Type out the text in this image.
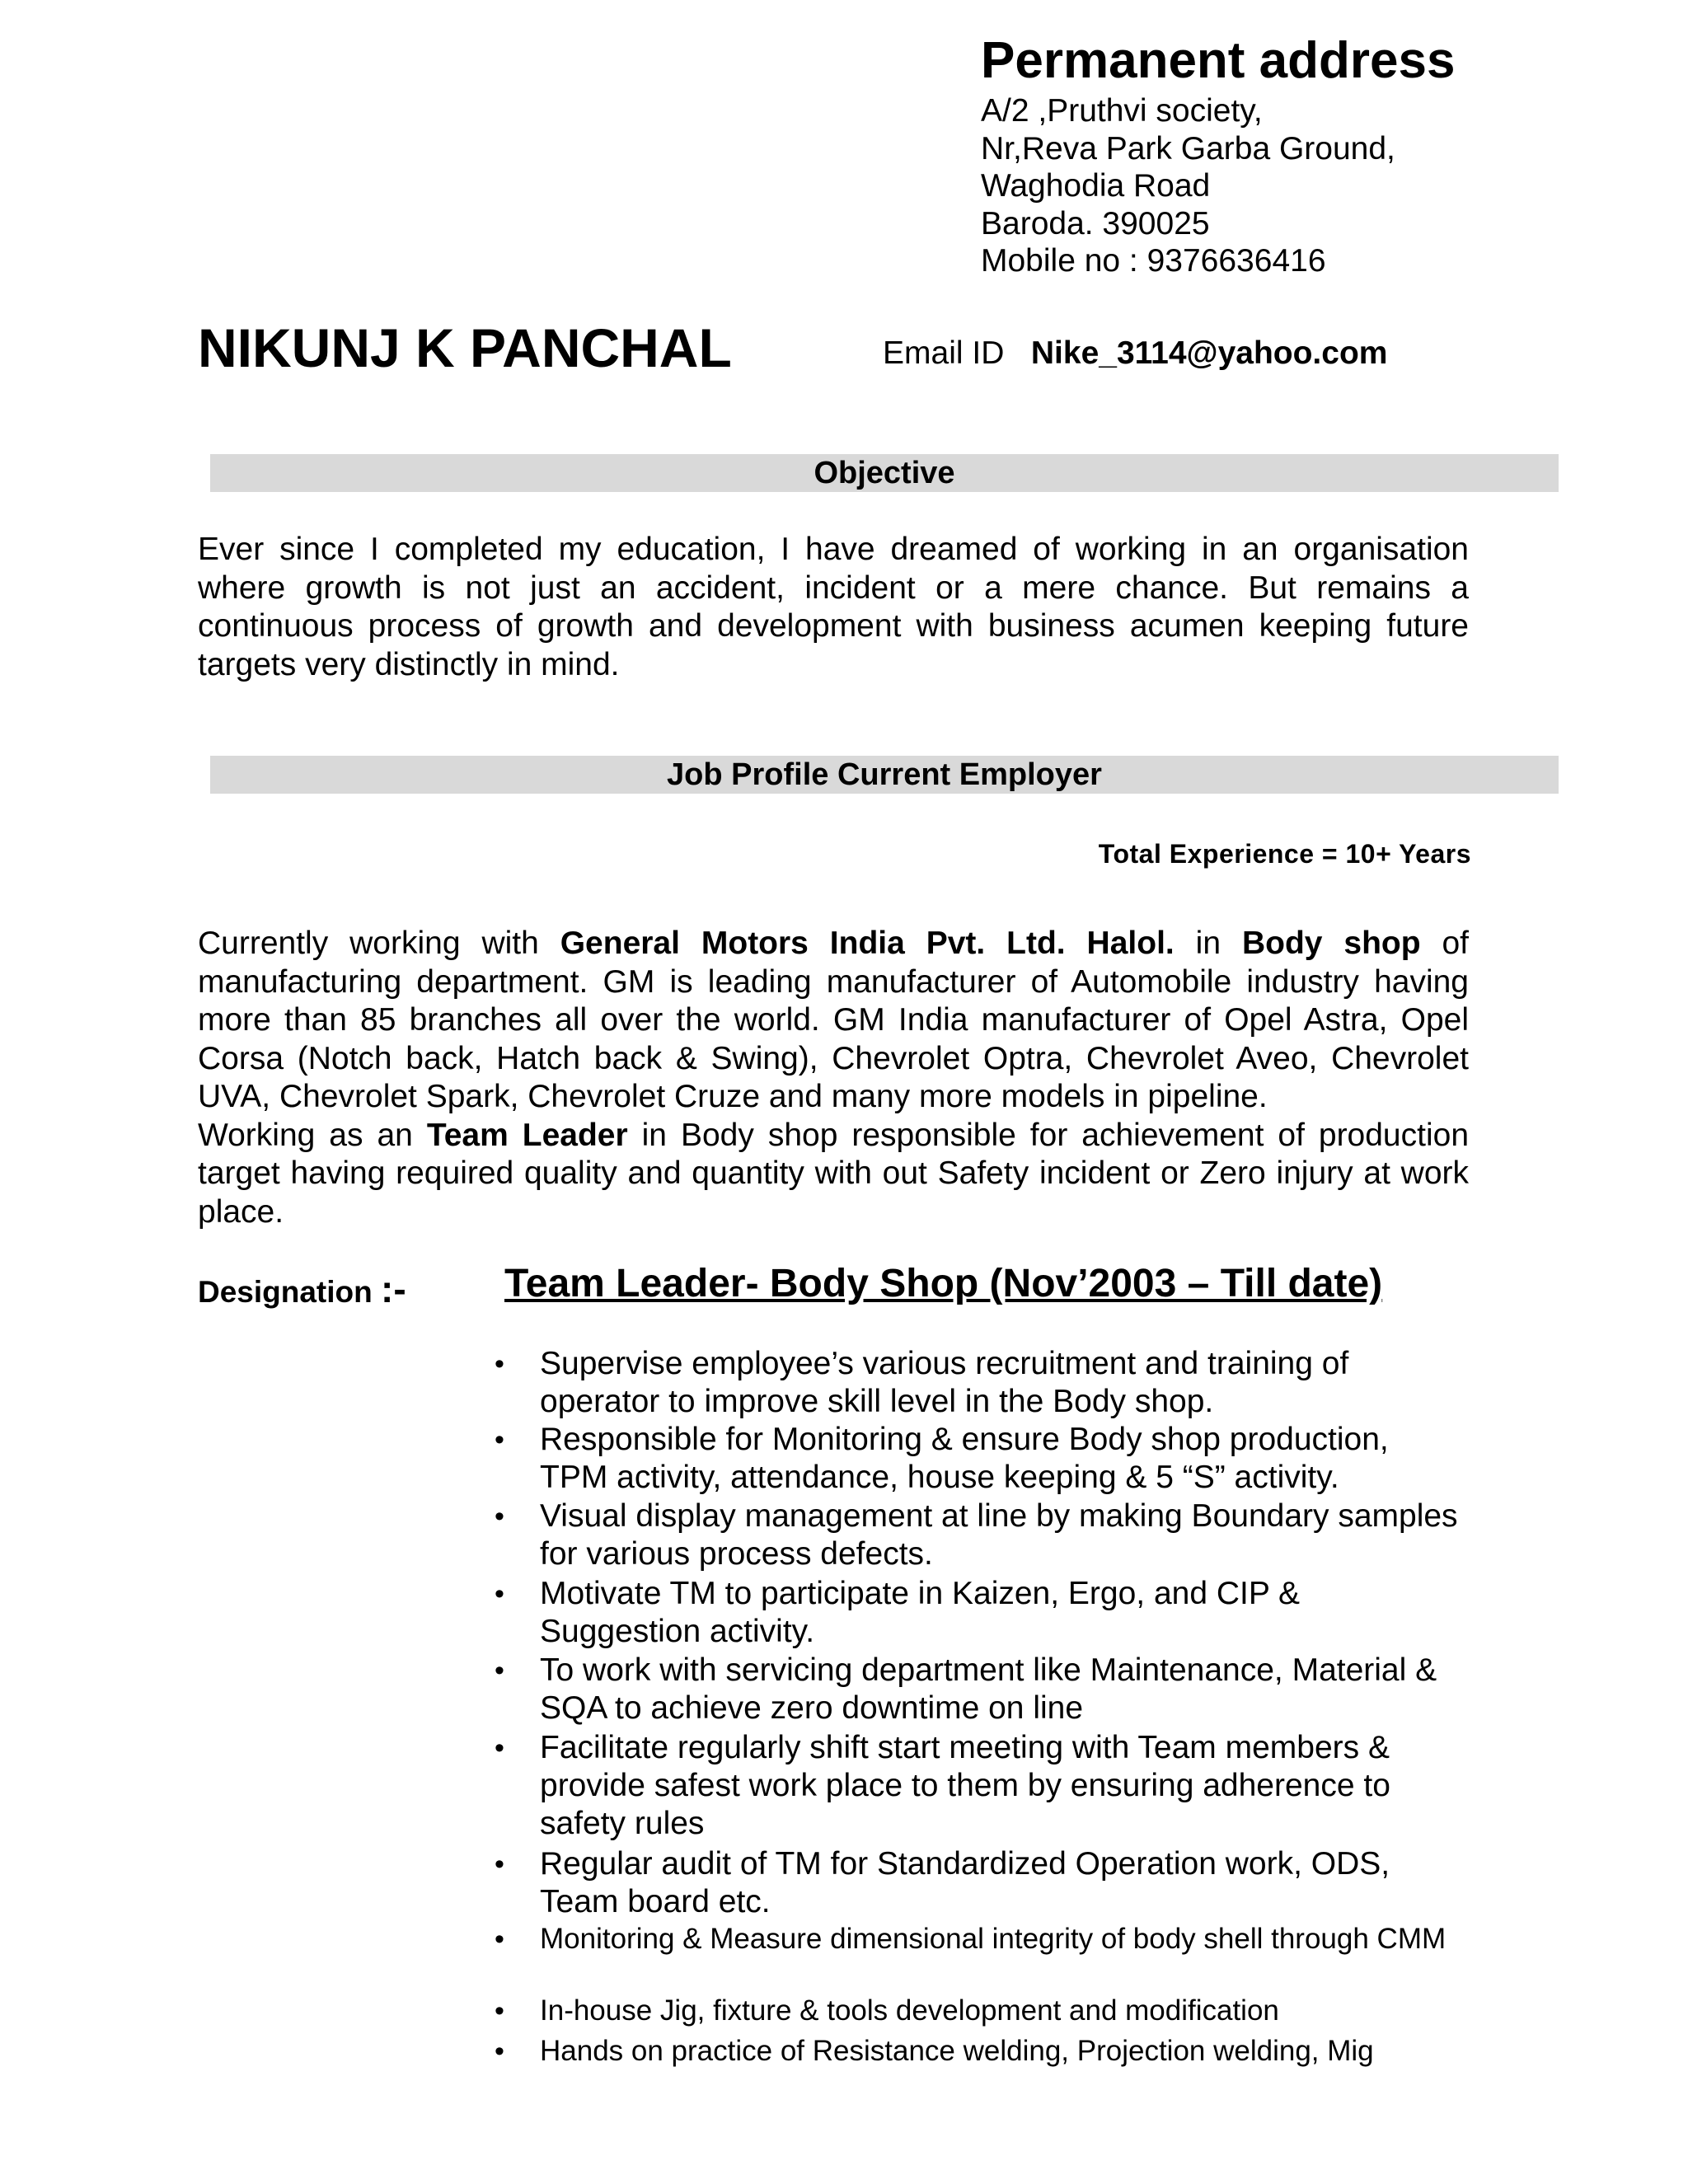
Permanent address
A/2 ,Pruthvi society,
Nr,Reva Park Garba Ground,
Waghodia Road
Baroda. 390025
Mobile no : 9376636416
NIKUNJ K PANCHAL	Email ID Nike_3114@yahoo.com
Objective
Ever since I completed my education, I have dreamed of working in an organisation where growth is not just an accident, incident or a mere chance. But remains a continuous process of growth and development with business acumen keeping future targets very distinctly in mind.
Job Profile Current Employer
Total Experience = 10+ Years
Currently working with General Motors India Pvt. Ltd. Halol. in Body shop of manufacturing department. GM is leading manufacturer of Automobile industry having more than 85 branches all over the world. GM India manufacturer of Opel Astra, Opel Corsa (Notch back, Hatch back & Swing), Chevrolet Optra, Chevrolet Aveo, Chevrolet UVA, Chevrolet Spark, Chevrolet Cruze and many more models in pipeline.
Working as an Team Leader in Body shop responsible for achievement of production target having required quality and quantity with out Safety incident or Zero injury at work place.
Designation :- Team Leader- Body Shop (Nov’2003 – Till date)
• Supervise employee’s various recruitment and training of operator to improve skill level in the Body shop.
• Responsible for Monitoring & ensure Body shop production, TPM activity, attendance, house keeping & 5 “S” activity.
• Visual display management at line by making Boundary samples for various process defects.
• Motivate TM to participate in Kaizen, Ergo, and CIP & Suggestion activity.
• To work with servicing department like Maintenance, Material & SQA to achieve zero downtime on line
• Facilitate regularly shift start meeting with Team members & provide safest work place to them by ensuring adherence to safety rules
• Regular audit of TM for Standardized Operation work, ODS, Team board etc.
• Monitoring & Measure dimensional integrity of body shell through CMM
• In-house Jig, fixture & tools development and modification
• Hands on practice of Resistance welding, Projection welding, Mig
